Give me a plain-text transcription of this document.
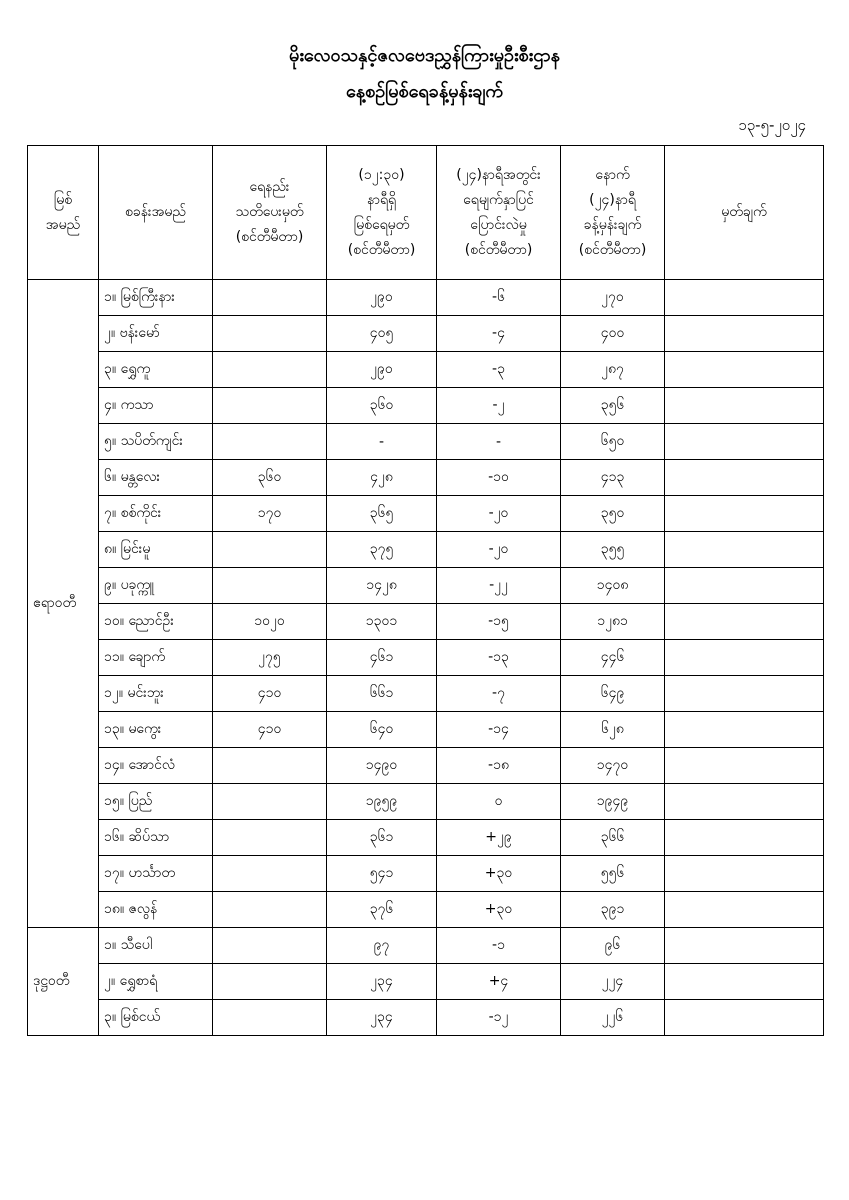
မိုးလေဝသနှင့်ဇလဗေဒညွှန်ကြားမှုဦးစီးဌာန
နေ့စဉ်မြစ်ရေခန့်မှန်းချက်
၁၃-၅-၂၀၂၄
မြစ်
အမည်	စခန်းအမည်	ရေနည်း
သတိပေးမှတ်
(စင်တီမီတာ)	(၁၂:၃၀)
နာရီရှိ
မြစ်ရေမှတ်
(စင်တီမီတာ)	(၂၄)နာရီအတွင်း
ရေမျက်နှာပြင်
ပြောင်းလဲမှု
(စင်တီမီတာ)	နောက်
(၂၄)နာရီ
ခန့်မှန်းချက်
(စင်တီမီတာ)	မှတ်ချက်
ဧရာဝတီ	၁။ မြစ်ကြီးနား		၂၉၀	-၆	၂၇၀	
	၂။ ဗန်းမော်		၄၀၅	-၄	၄၀၀	
	၃။ ရွှေကူ		၂၉၀	-၃	၂၈၇	
	၄။ ကသာ		၃၆၀	-၂	၃၅၆	
	၅။ သပိတ်ကျင်း		-	-	၆၅၀	
	၆။ မန္တလေး	၃၆၀	၄၂၈	-၁၀	၄၁၃	
	၇။ စစ်ကိုင်း	၁၇၀	၃၆၅	-၂၀	၃၅၀	
	၈။ မြင်းမူ		၃၇၅	-၂၀	၃၅၅	
	၉။ ပခုက္ကူ		၁၄၂၈	-၂၂	၁၄၀၈	
	၁၀။ ညောင်ဦး	၁၀၂၀	၁၃၀၁	-၁၅	၁၂၈၁	
	၁၁။ ချောက်	၂၇၅	၄၆၁	-၁၃	၄၄၆	
	၁၂။ မင်းဘူး	၄၁၀	၆၆၁	-၇	၆၄၉	
	၁၃။ မကွေး	၄၁၀	၆၄၀	-၁၄	၆၂၈	
	၁၄။ အောင်လံ		၁၄၉၀	-၁၈	၁၄၇၀	
	၁၅။ ပြည်		၁၉၅၉	၀	၁၉၄၉	
	၁၆။ ဆိပ်သာ		၃၆၁	+၂၉	၃၆၆	
	၁၇။ ဟင်္သာတ		၅၄၁	+၃၀	၅၅၆	
	၁၈။ ဇလွန်		၃၇၆	+၃၀	၃၉၁	
ဒုဋ္ဌဝတီ	၁။ သီပေါ		၉၇	-၁	၉၆	
	၂။ ရွှေစာရံ		၂၃၄	+၄	၂၂၄	
	၃။ မြစ်ငယ်		၂၃၄	-၁၂	၂၂၆	
